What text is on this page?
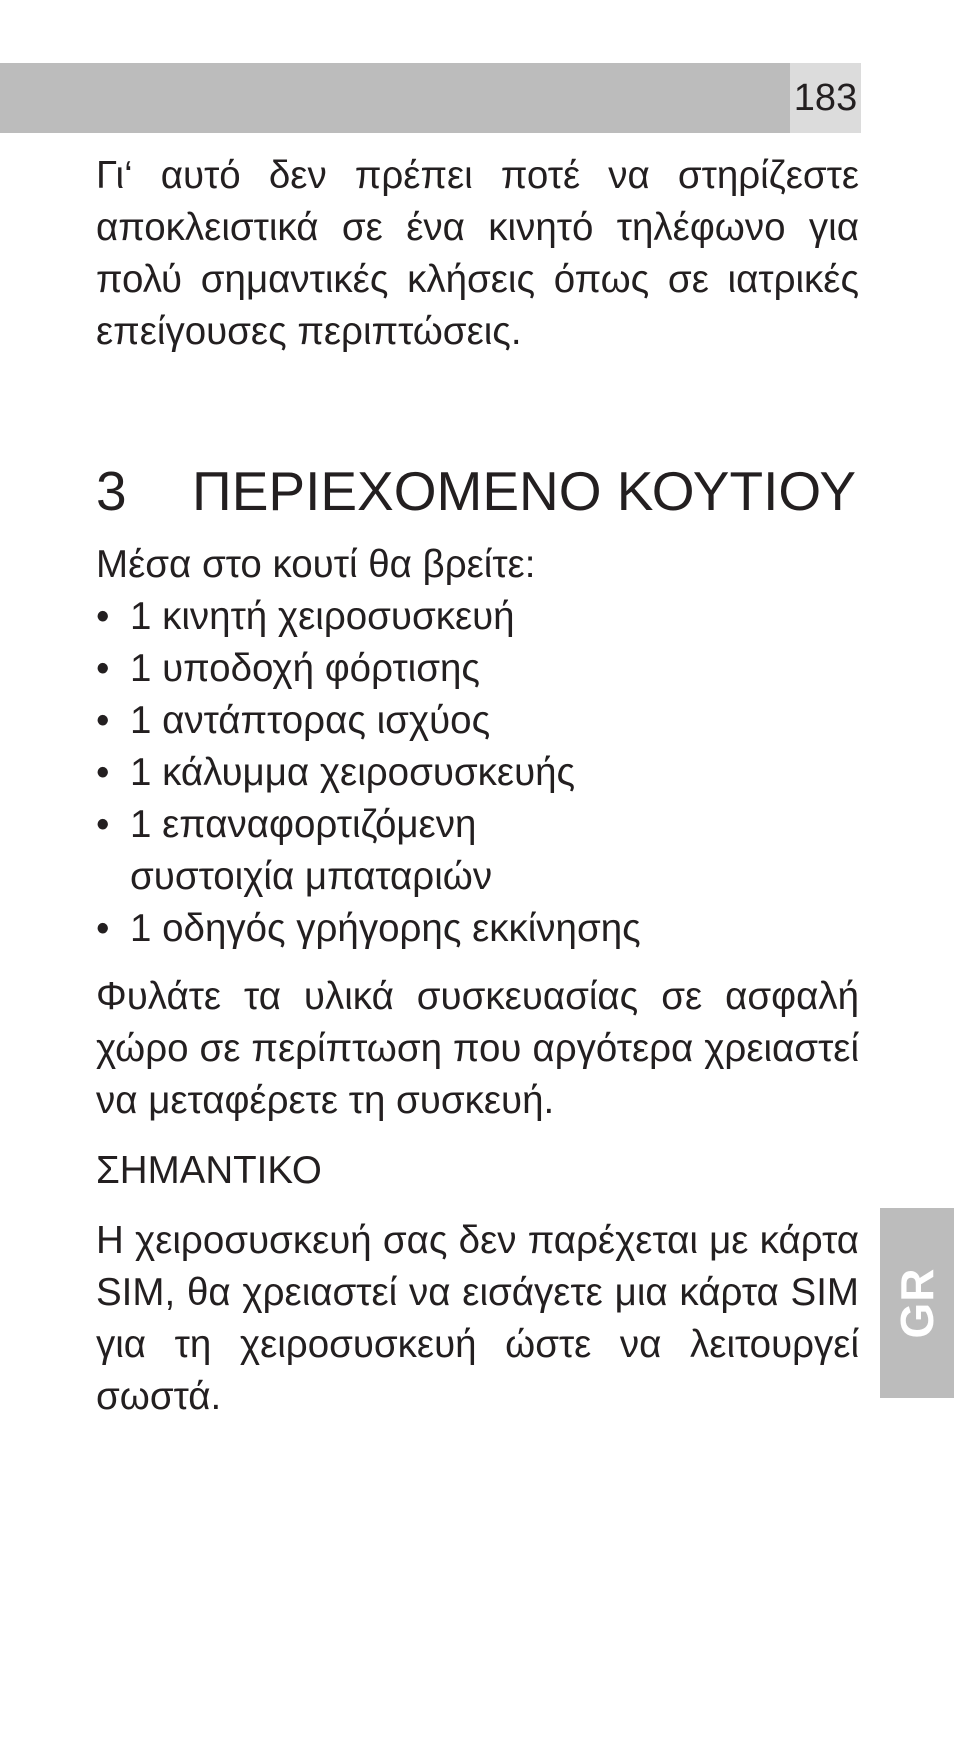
183
GR

Γι‘ αυτό δεν πρέπει ποτέ να στηρίζεστε αποκλειστικά σε ένα κινητό τηλέφωνο για πολύ σημαντικές κλήσεις όπως σε ιατρικές επείγουσες περιπτώσεις.

3	ΠΕΡΙΕΧΟΜΕΝΟ ΚΟΥΤΙΟΥ

Μέσα στο κουτί θα βρείτε:

• 1 κινητή χειροσυσκευή
• 1 υποδοχή φόρτισης
• 1 αντάπτορας ισχύος
• 1 κάλυμμα χειροσυσκευής
• 1 επαναφορτιζόμενη συστοιχία μπαταριών
• 1 οδηγός γρήγορης εκκίνησης

Φυλάτε τα υλικά συσκευασίας σε ασφαλή χώρο σε περίπτωση που αργότερα χρειαστεί να μεταφέρετε τη συσκευή.

ΣΗΜΑΝΤΙΚΟ

Η χειροσυσκευή σας δεν παρέχεται με κάρτα SIM, θα χρειαστεί να εισάγετε μια κάρτα SIM για τη χειροσυσκευή ώστε να λειτουργεί σωστά.
